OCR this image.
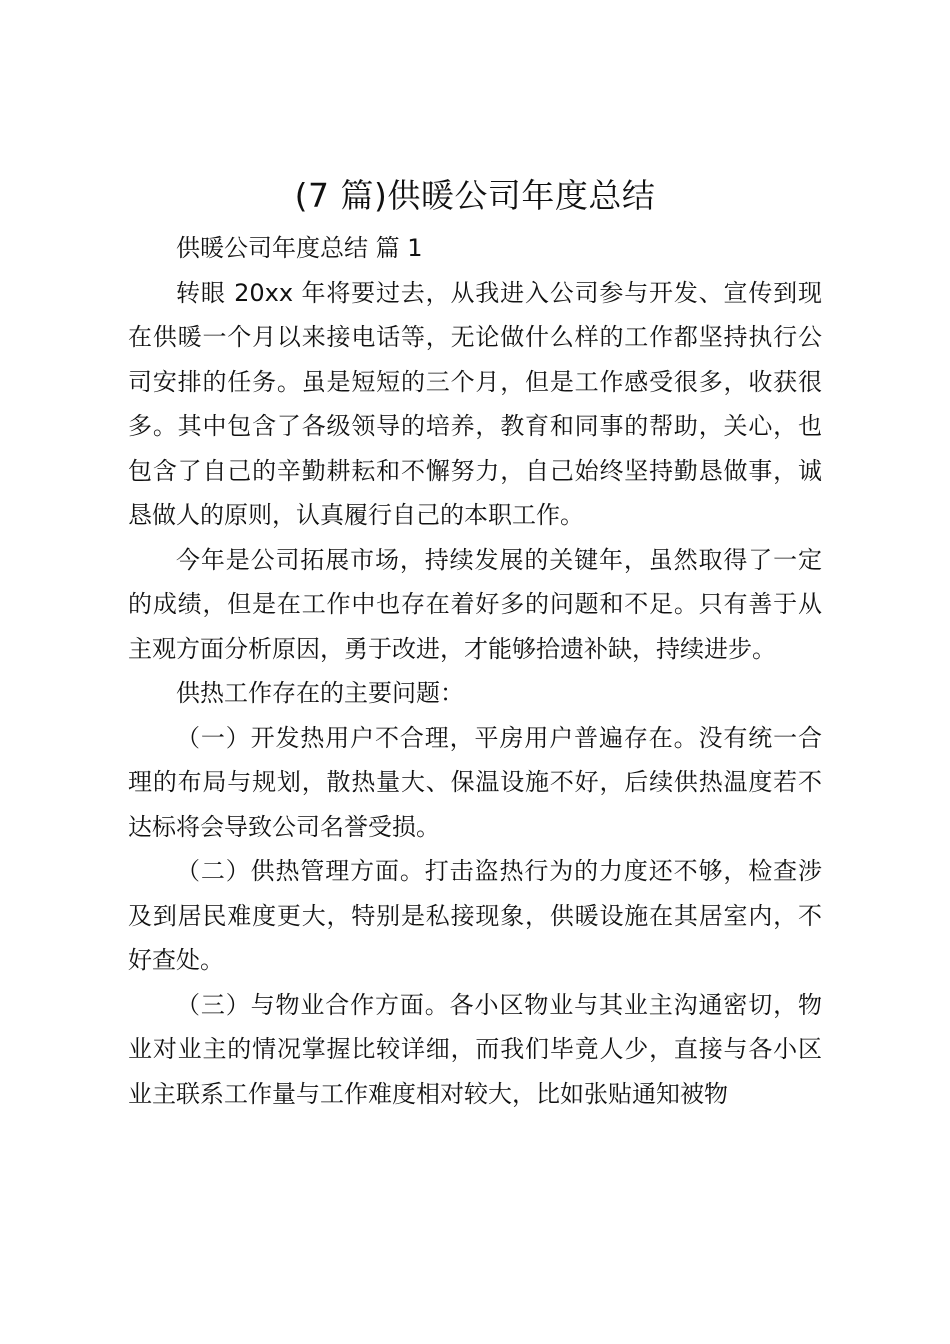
(7 篇)供暖公司年度总结

供暖公司年度总结 篇 1

转眼 20xx 年将要过去，从我进入公司参与开发、宣传到现在供暖一个月以来接电话等，无论做什么样的工作都坚持执行公司安排的任务。虽是短短的三个月，但是工作感受很多，收获很多。其中包含了各级领导的培养，教育和同事的帮助，关心，也包含了自己的辛勤耕耘和不懈努力，自己始终坚持勤恳做事，诚恳做人的原则，认真履行自己的本职工作。

今年是公司拓展市场，持续发展的关键年，虽然取得了一定的成绩，但是在工作中也存在着好多的问题和不足。只有善于从主观方面分析原因，勇于改进，才能够拾遗补缺，持续进步。

供热工作存在的主要问题：

（一）开发热用户不合理，平房用户普遍存在。没有统一合理的布局与规划，散热量大、保温设施不好，后续供热温度若不达标将会导致公司名誉受损。

（二）供热管理方面。打击盗热行为的力度还不够，检查涉及到居民难度更大，特别是私接现象，供暖设施在其居室内，不好查处。

（三）与物业合作方面。各小区物业与其业主沟通密切，物业对业主的情况掌握比较详细，而我们毕竟人少，直接与各小区业主联系工作量与工作难度相对较大，比如张贴通知被物
